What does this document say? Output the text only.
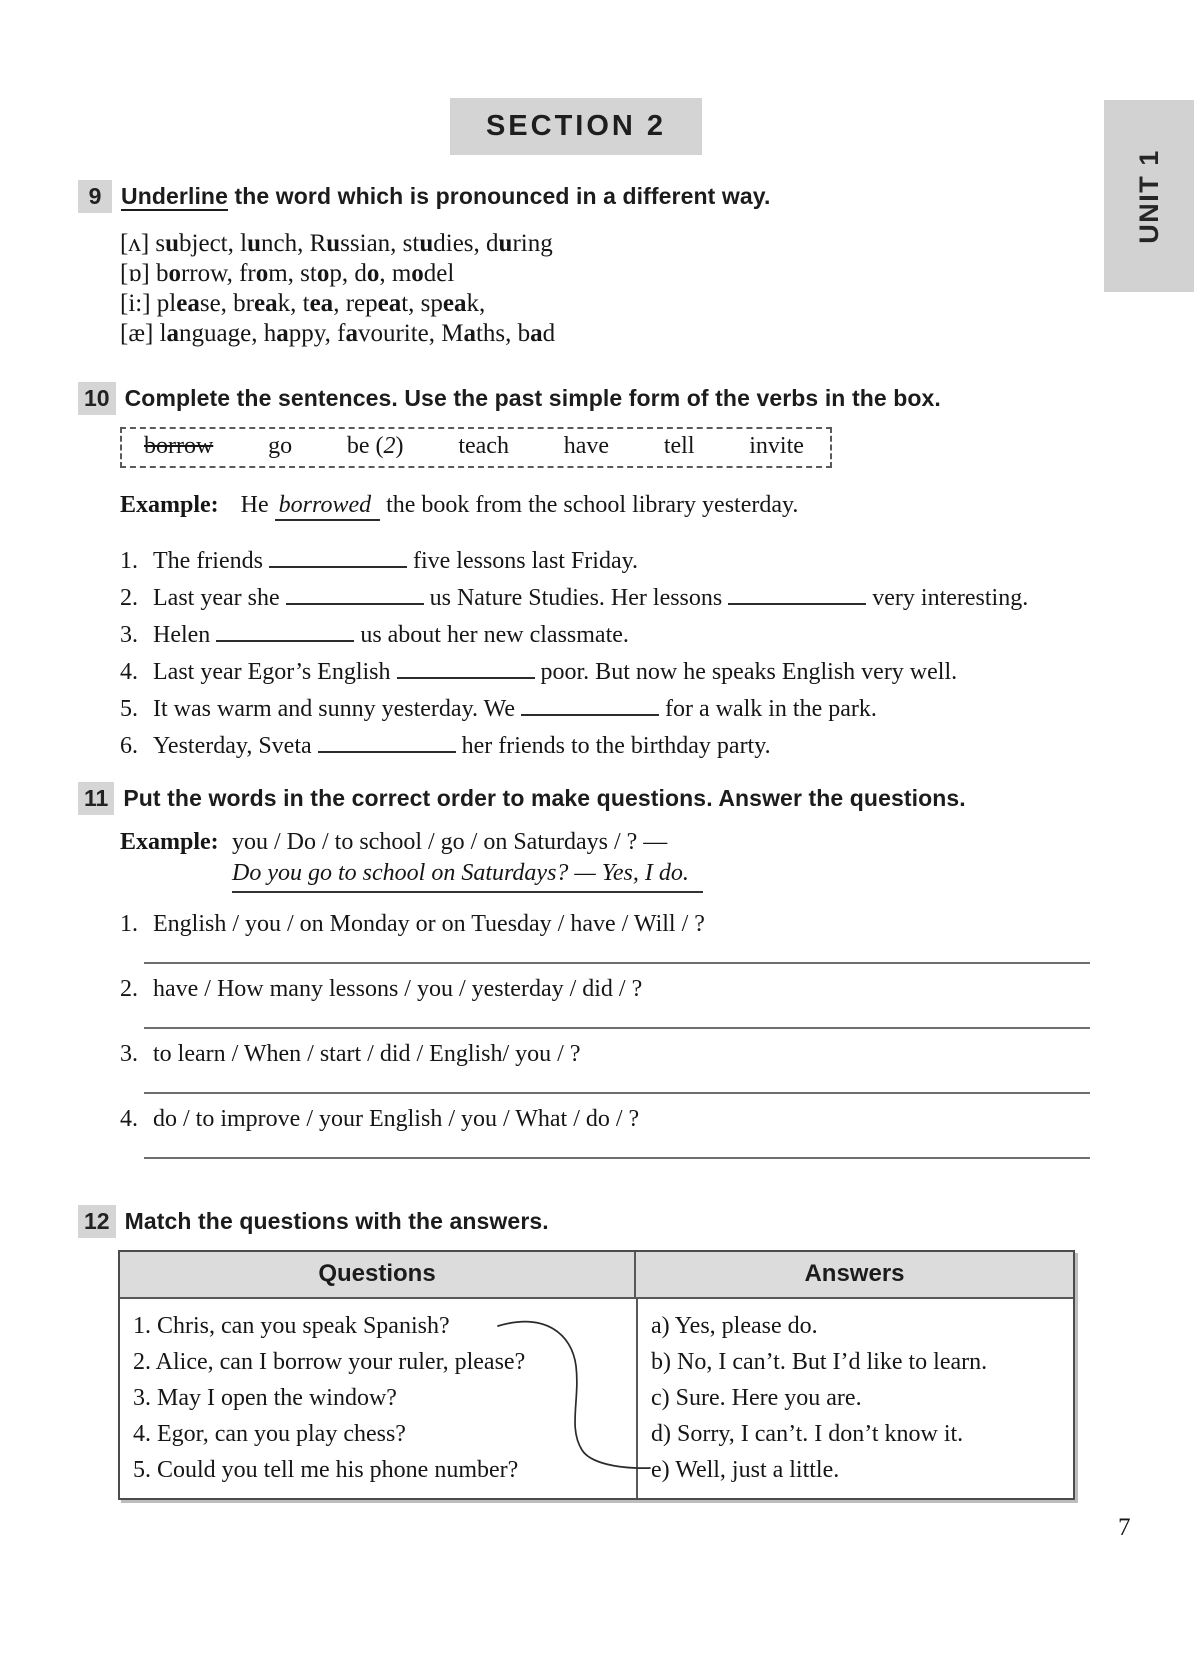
SECTION 2
UNIT 1
9 Underline the word which is pronounced in a different way.
[ʌ] subject, lunch, Russian, studies, during
[ɒ] borrow, from, stop, do, model
[i:] please, break, tea, repeat, speak,
[æ] language, happy, favourite, Maths, bad
10 Complete the sentences. Use the past simple form of the verbs in the box.
borrow go be (2) teach have tell invite
Example: He borrowed the book from the school library yesterday.
1. The friends	five lessons last Friday.
2. Last year she	us Nature Studies. Her lessons	very interesting.
3. Helen	us about her new classmate.
4. Last year Egor’s English	poor. But now he speaks English very well.
5. It was warm and sunny yesterday. We	for a walk in the park.
6. Yesterday, Sveta	her friends to the birthday party.
11 Put the words in the correct order to make questions. Answer the questions.
Example: you / Do / to school / go / on Saturdays / ? —
Do you go to school on Saturdays? — Yes, I do.
1. English / you / on Monday or on Tuesday / have / Will / ?
2. have / How many lessons / you / yesterday / did / ?
3. to learn / When / start / did / English/ you / ?
4. do / to improve / your English / you / What / do / ?
12 Match the questions with the answers.
Questions	Answers
1. Chris, can you speak Spanish?
2. Alice, can I borrow your ruler, please?
3. May I open the window?
4. Egor, can you play chess?
5. Could you tell me his phone number?
a) Yes, please do.
b) No, I can’t. But I’d like to learn.
c) Sure. Here you are.
d) Sorry, I can’t. I don’t know it.
e) Well, just a little.
7
